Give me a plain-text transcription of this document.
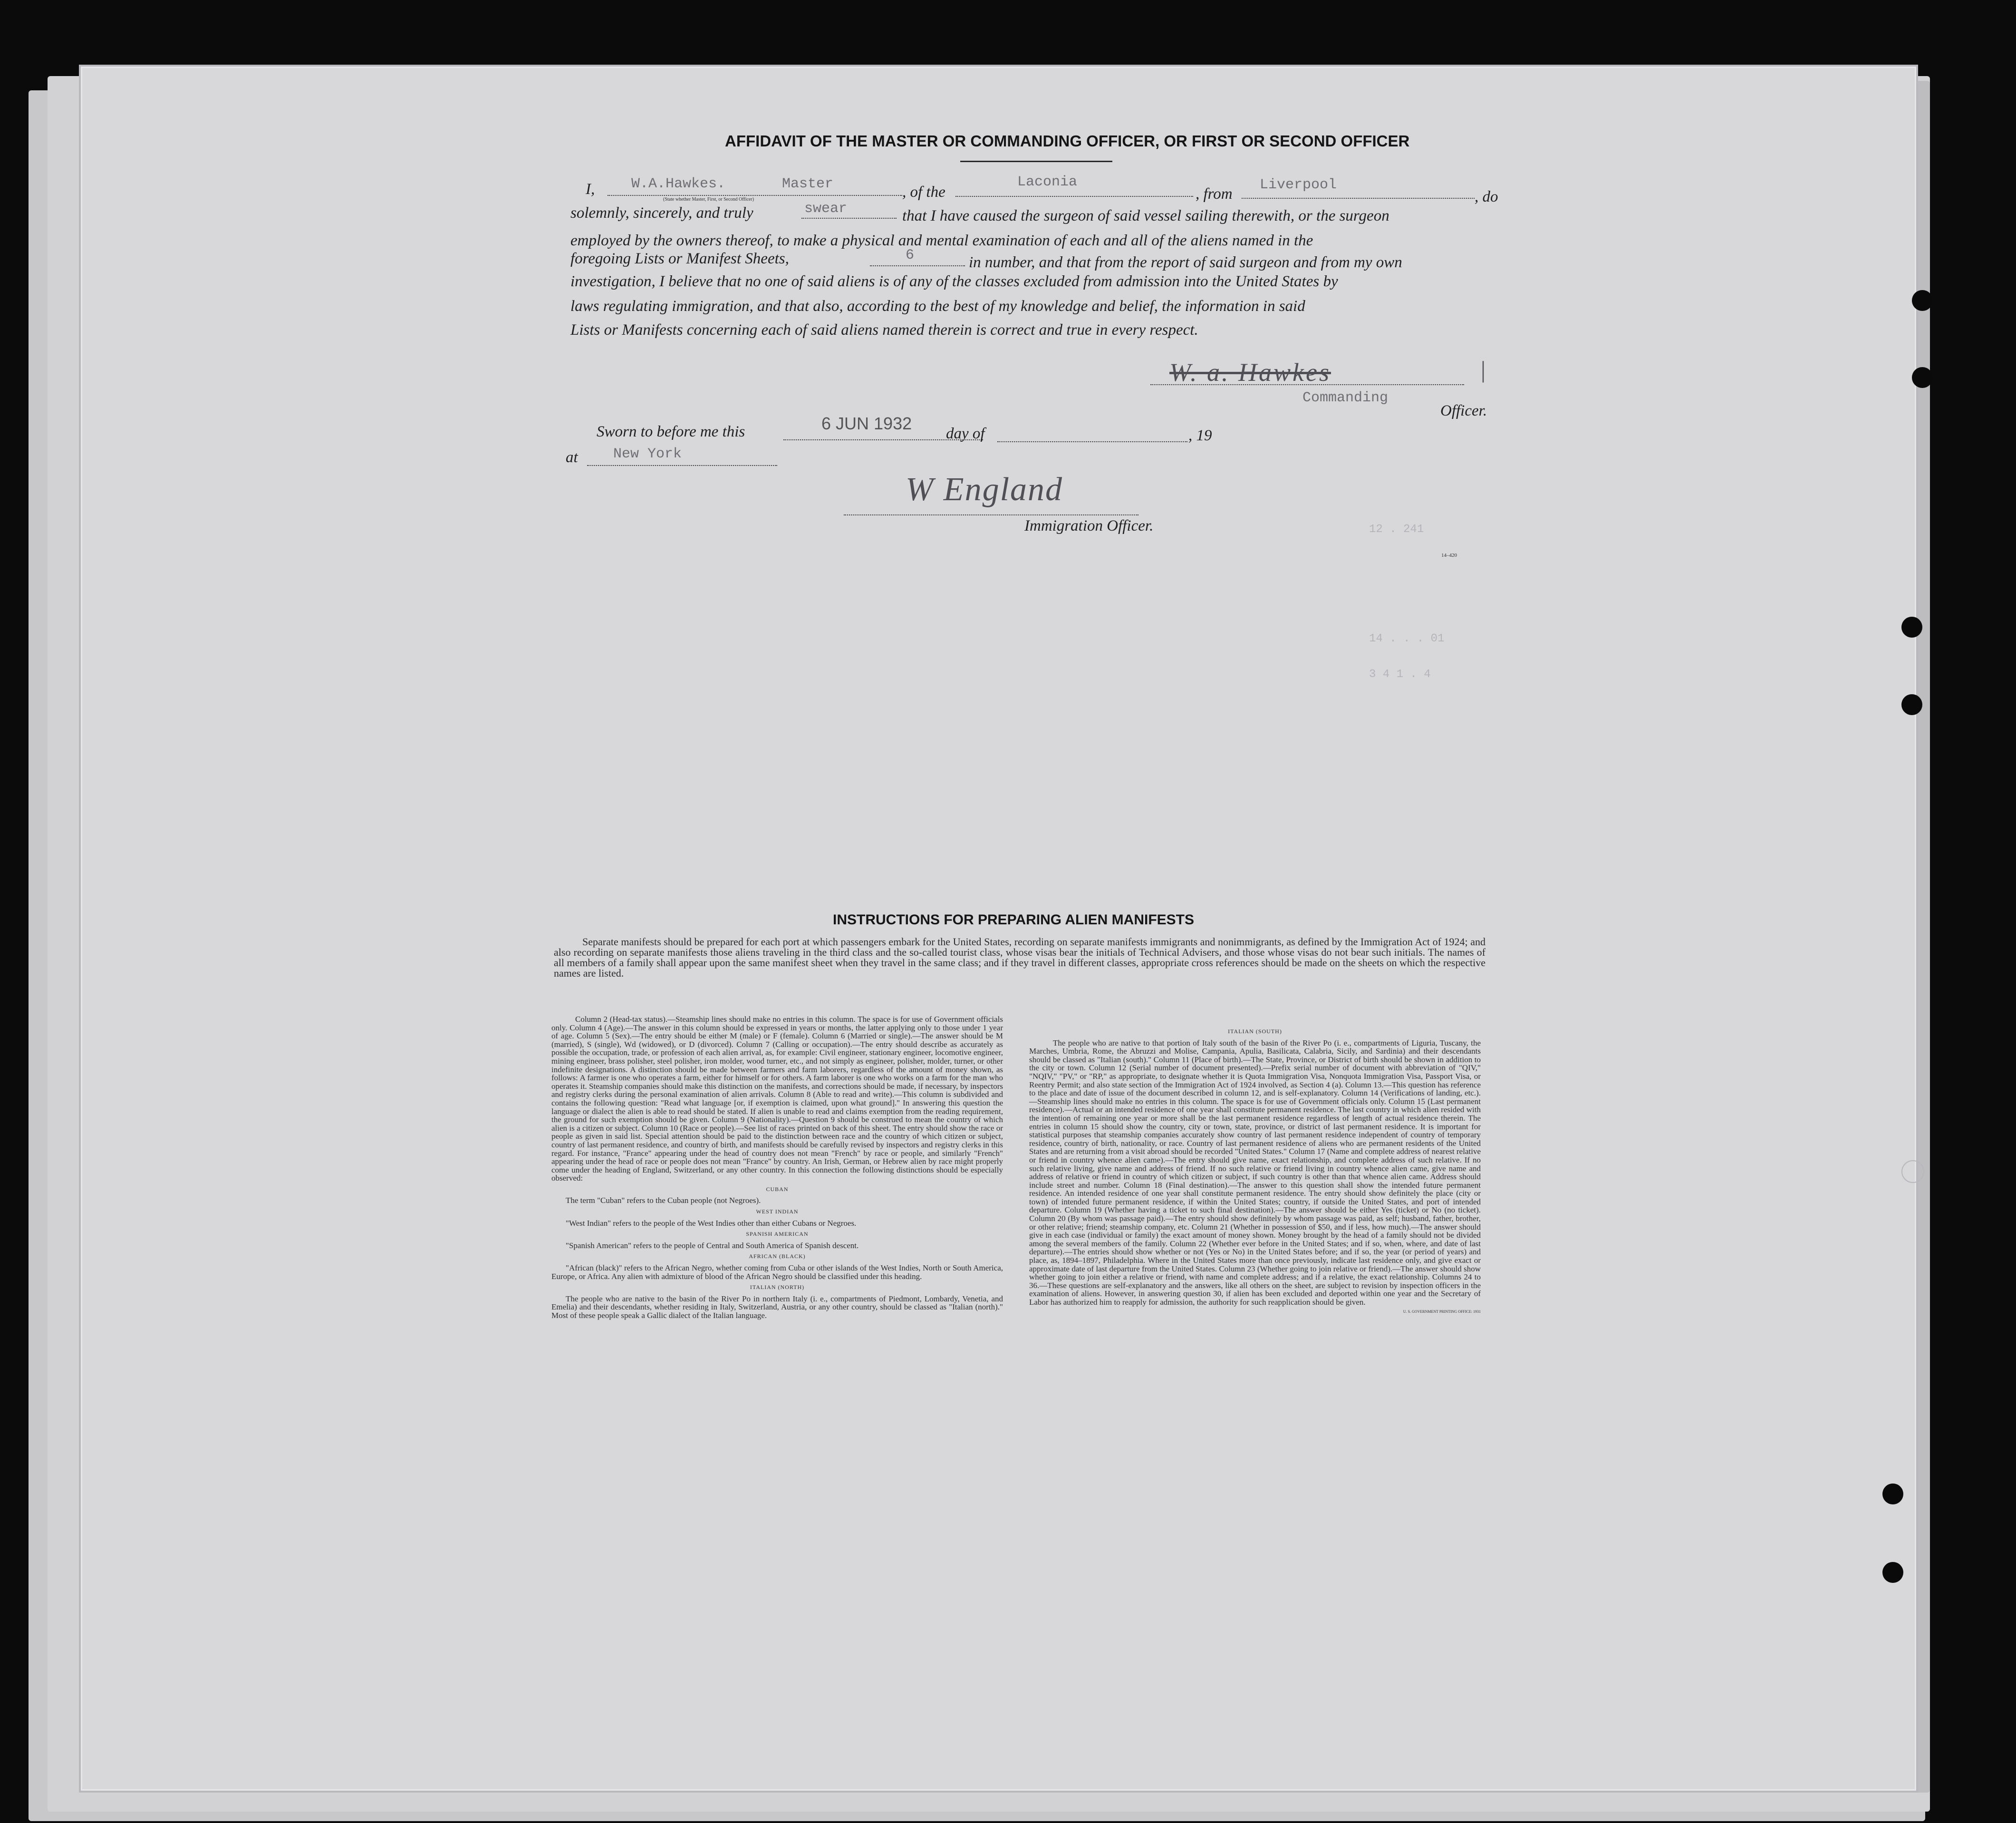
AFFIDAVIT OF THE MASTER OR COMMANDING OFFICER, OR FIRST OR SECOND OFFICER
I,	W.A.Hawkes.	Master
(State whether Master, First, or Second Officer)	, of the
Laconia
, from
Liverpool
, do
solemnly, sincerely, and truly	swear	that I have caused the surgeon of said vessel sailing therewith, or the surgeon
employed by the owners thereof, to make a physical and mental examination of each and all of the aliens named in the
foregoing Lists or Manifest Sheets,	6	in number, and that from the report of said surgeon and from my own
investigation, I believe that no one of said aliens is of any of the classes excluded from admission into the United States by
laws regulating immigration, and that also, according to the best of my knowledge and belief, the information in said
Lists or Manifests concerning each of said aliens named therein is correct and true in every respect.
W. a. Hawkes	|
Commanding
Officer.
Sworn to before me this	6 JUN 1932
day of	, 19
at New York
W England
Immigration Officer.
14–420
12 . 241
14 . . . 01
3 4 1 . 4
INSTRUCTIONS FOR PREPARING ALIEN MANIFESTS
Separate manifests should be prepared for each port at which passengers embark for the United States, recording on separate manifests immigrants and nonimmigrants, as defined by the Immigration Act of 1924; and also recording on separate manifests those aliens traveling in the third class and the so-called tourist class, whose visas bear the initials of Technical Advisers, and those whose visas do not bear such initials. The names of all members of a family shall appear upon the same manifest sheet when they travel in the same class; and if they travel in different classes, appropriate cross references should be made on the sheets on which the respective names are listed.
Column 2 (Head-tax status).—Steamship lines should make no entries in this column. The space is for use of Government officials only. Column 4 (Age).—The answer in this column should be expressed in years or months, the latter applying only to those under 1 year of age. Column 5 (Sex).—The entry should be either M (male) or F (female). Column 6 (Married or single).—The answer should be M (married), S (single), Wd (widowed), or D (divorced). Column 7 (Calling or occupation).—The entry should describe as accurately as possible the occupation, trade, or profession of each alien arrival, as, for example: Civil engineer, stationary engineer, locomotive engineer, mining engineer, brass polisher, steel polisher, iron molder, wood turner, etc., and not simply as engineer, polisher, molder, turner, or other indefinite designations. A distinction should be made between farmers and farm laborers, regardless of the amount of money shown, as follows: A farmer is one who operates a farm, either for himself or for others. A farm laborer is one who works on a farm for the man who operates it. Steamship companies should make this distinction on the manifests, and corrections should be made, if necessary, by inspectors and registry clerks during the personal examination of alien arrivals. Column 8 (Able to read and write).—This column is subdivided and contains the following question: "Read what language [or, if exemption is claimed, upon what ground]." In answering this question the language or dialect the alien is able to read should be stated. If alien is unable to read and claims exemption from the reading requirement, the ground for such exemption should be given. Column 9 (Nationality).—Question 9 should be construed to mean the country of which alien is a citizen or subject. Column 10 (Race or people).—See list of races printed on back of this sheet. The entry should show the race or people as given in said list. Special attention should be paid to the distinction between race and the country of which citizen or subject, country of last permanent residence, and country of birth, and manifests should be carefully revised by inspectors and registry clerks in this regard. For instance, "France" appearing under the head of country does not mean "French" by race or people, and similarly "French" appearing under the head of race or people does not mean "France" by country. An Irish, German, or Hebrew alien by race might properly come under the heading of England, Switzerland, or any other country. In this connection the following distinctions should be especially observed:
CUBAN
The term "Cuban" refers to the Cuban people (not Negroes).
WEST INDIAN
"West Indian" refers to the people of the West Indies other than either Cubans or Negroes.
SPANISH AMERICAN
"Spanish American" refers to the people of Central and South America of Spanish descent.
AFRICAN (BLACK)
"African (black)" refers to the African Negro, whether coming from Cuba or other islands of the West Indies, North or South America, Europe, or Africa. Any alien with admixture of blood of the African Negro should be classified under this heading.
ITALIAN (NORTH)
The people who are native to the basin of the River Po in northern Italy (i. e., compartments of Piedmont, Lombardy, Venetia, and Emelia) and their descendants, whether residing in Italy, Switzerland, Austria, or any other country, should be classed as "Italian (north)." Most of these people speak a Gallic dialect of the Italian language.
ITALIAN (SOUTH)
The people who are native to that portion of Italy south of the basin of the River Po (i. e., compartments of Liguria, Tuscany, the Marches, Umbria, Rome, the Abruzzi and Molise, Campania, Apulia, Basilicata, Calabria, Sicily, and Sardinia) and their descendants should be classed as "Italian (south)." Column 11 (Place of birth).—The State, Province, or District of birth should be shown in addition to the city or town. Column 12 (Serial number of document presented).—Prefix serial number of document with abbreviation of "QIV," "NQIV," "PV," or "RP," as appropriate, to designate whether it is Quota Immigration Visa, Nonquota Immigration Visa, Passport Visa, or Reentry Permit; and also state section of the Immigration Act of 1924 involved, as Section 4 (a). Column 13.—This question has reference to the place and date of issue of the document described in column 12, and is self-explanatory. Column 14 (Verifications of landing, etc.).—Steamship lines should make no entries in this column. The space is for use of Government officials only. Column 15 (Last permanent residence).—Actual or an intended residence of one year shall constitute permanent residence. The last country in which alien resided with the intention of remaining one year or more shall be the last permanent residence regardless of length of actual residence therein. The entries in column 15 should show the country, city or town, state, province, or district of last permanent residence. It is important for statistical purposes that steamship companies accurately show country of last permanent residence independent of country of temporary residence, country of birth, nationality, or race. Country of last permanent residence of aliens who are permanent residents of the United States and are returning from a visit abroad should be recorded "United States." Column 17 (Name and complete address of nearest relative or friend in country whence alien came).—The entry should give name, exact relationship, and complete address of such relative. If no such relative living, give name and address of friend. If no such relative or friend living in country whence alien came, give name and address of relative or friend in country of which citizen or subject, if such country is other than that whence alien came. Address should include street and number. Column 18 (Final destination).—The answer to this question shall show the intended future permanent residence. An intended residence of one year shall constitute permanent residence. The entry should show definitely the place (city or town) of intended future permanent residence, if within the United States; country, if outside the United States, and port of intended departure. Column 19 (Whether having a ticket to such final destination).—The answer should be either Yes (ticket) or No (no ticket). Column 20 (By whom was passage paid).—The entry should show definitely by whom passage was paid, as self; husband, father, brother, or other relative; friend; steamship company, etc. Column 21 (Whether in possession of $50, and if less, how much).—The answer should give in each case (individual or family) the exact amount of money shown. Money brought by the head of a family should not be divided among the several members of the family. Column 22 (Whether ever before in the United States; and if so, when, where, and date of last departure).—The entries should show whether or not (Yes or No) in the United States before; and if so, the year (or period of years) and place, as, 1894–1897, Philadelphia. Where in the United States more than once previously, indicate last residence only, and give exact or approximate date of last departure from the United States. Column 23 (Whether going to join relative or friend).—The answer should show whether going to join either a relative or friend, with name and complete address; and if a relative, the exact relationship. Columns 24 to 36.—These questions are self-explanatory and the answers, like all others on the sheet, are subject to revision by inspection officers in the examination of aliens. However, in answering question 30, if alien has been excluded and deported within one year and the Secretary of Labor has authorized him to reapply for admission, the authority for such reapplication should be given.
U. S. GOVERNMENT PRINTING OFFICE: 1931
